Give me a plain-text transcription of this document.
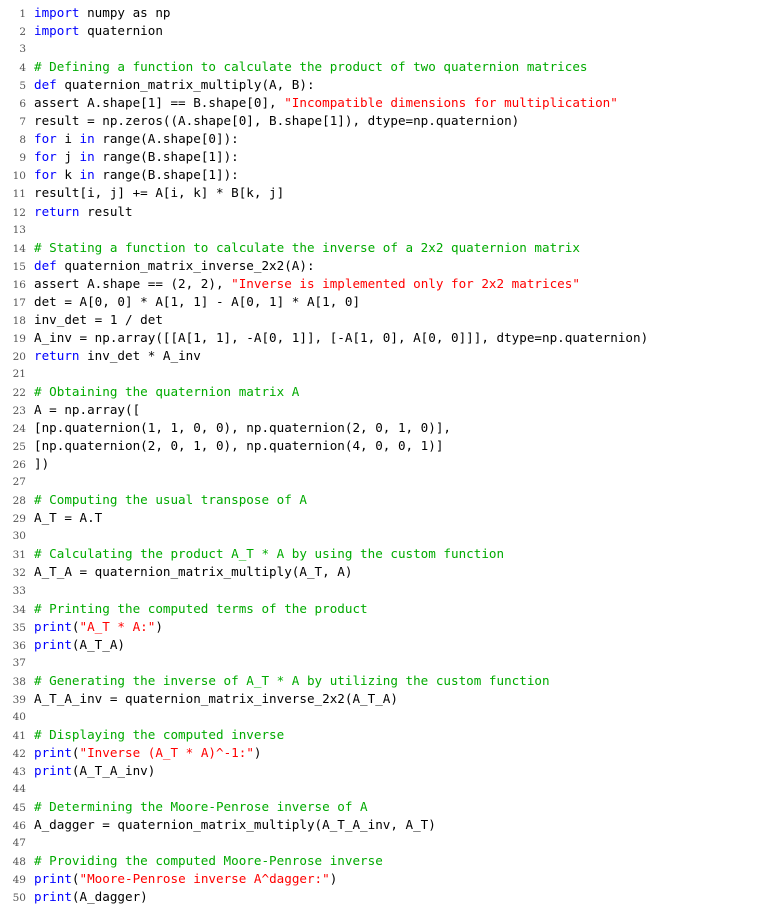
1 import numpy as np
2 import quaternion
3
4 # Defining a function to calculate the product of two quaternion matrices
5 def quaternion_matrix_multiply(A, B):
6 assert A.shape[1] == B.shape[0], "Incompatible dimensions for multiplication"
7 result = np.zeros((A.shape[0], B.shape[1]), dtype=np.quaternion)
8 for i in range(A.shape[0]):
9 for j in range(B.shape[1]):
10 for k in range(B.shape[1]):
11 result[i, j] += A[i, k] * B[k, j]
12 return result
13
14 # Stating a function to calculate the inverse of a 2x2 quaternion matrix
15 def quaternion_matrix_inverse_2x2(A):
16 assert A.shape == (2, 2), "Inverse is implemented only for 2x2 matrices"
17 det = A[0, 0] * A[1, 1] - A[0, 1] * A[1, 0]
18 inv_det = 1 / det
19 A_inv = np.array([[A[1, 1], -A[0, 1]], [-A[1, 0], A[0, 0]]], dtype=np.quaternion)
20 return inv_det * A_inv
21
22 # Obtaining the quaternion matrix A
23 A = np.array([
24 [np.quaternion(1, 1, 0, 0), np.quaternion(2, 0, 1, 0)],
25 [np.quaternion(2, 0, 1, 0), np.quaternion(4, 0, 0, 1)]
26 ])
27
28 # Computing the usual transpose of A
29 A_T = A.T
30
31 # Calculating the product A_T * A by using the custom function
32 A_T_A = quaternion_matrix_multiply(A_T, A)
33
34 # Printing the computed terms of the product
35 print("A_T * A:")
36 print(A_T_A)
37
38 # Generating the inverse of A_T * A by utilizing the custom function
39 A_T_A_inv = quaternion_matrix_inverse_2x2(A_T_A)
40
41 # Displaying the computed inverse
42 print("Inverse (A_T * A)^-1:")
43 print(A_T_A_inv)
44
45 # Determining the Moore-Penrose inverse of A
46 A_dagger = quaternion_matrix_multiply(A_T_A_inv, A_T)
47
48 # Providing the computed Moore-Penrose inverse
49 print("Moore-Penrose inverse A^dagger:")
50 print(A_dagger)
